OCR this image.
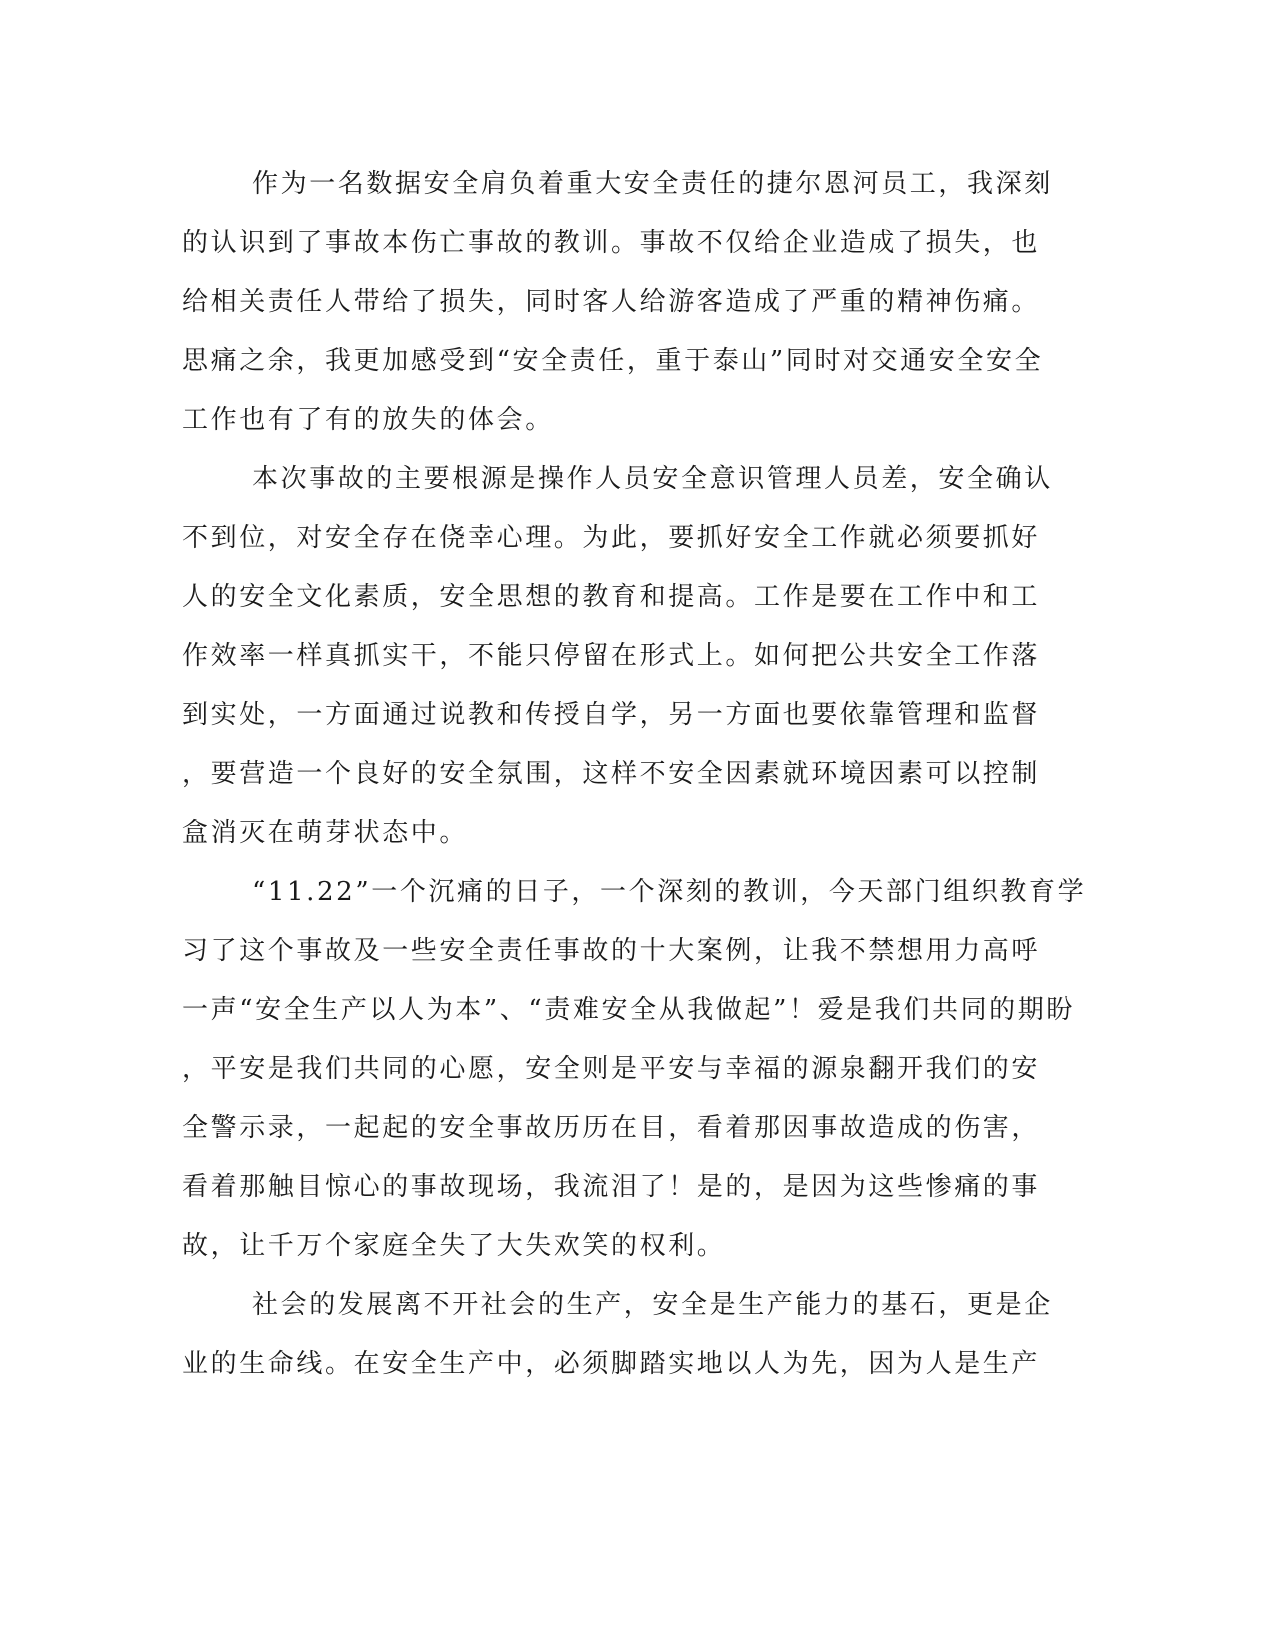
作为一名数据安全肩负着重大安全责任的捷尔恩河员工，我深刻
的认识到了事故本伤亡事故的教训。事故不仅给企业造成了损失，也
给相关责任人带给了损失，同时客人给游客造成了严重的精神伤痛。
思痛之余，我更加感受到“安全责任，重于泰山”同时对交通安全安全
工作也有了有的放失的体会。
本次事故的主要根源是操作人员安全意识管理人员差，安全确认
不到位，对安全存在侥幸心理。为此，要抓好安全工作就必须要抓好
人的安全文化素质，安全思想的教育和提高。工作是要在工作中和工
作效率一样真抓实干，不能只停留在形式上。如何把公共安全工作落
到实处，一方面通过说教和传授自学，另一方面也要依靠管理和监督
，要营造一个良好的安全氛围，这样不安全因素就环境因素可以控制
盒消灭在萌芽状态中。
“11.22”一个沉痛的日子，一个深刻的教训，今天部门组织教育学
习了这个事故及一些安全责任事故的十大案例，让我不禁想用力高呼
一声“安全生产以人为本”、“责难安全从我做起”！爱是我们共同的期盼
，平安是我们共同的心愿，安全则是平安与幸福的源泉翻开我们的安
全警示录，一起起的安全事故历历在目，看着那因事故造成的伤害，
看着那触目惊心的事故现场，我流泪了！是的，是因为这些惨痛的事
故，让千万个家庭全失了大失欢笑的权利。
社会的发展离不开社会的生产，安全是生产能力的基石，更是企
业的生命线。在安全生产中，必须脚踏实地以人为先，因为人是生产
